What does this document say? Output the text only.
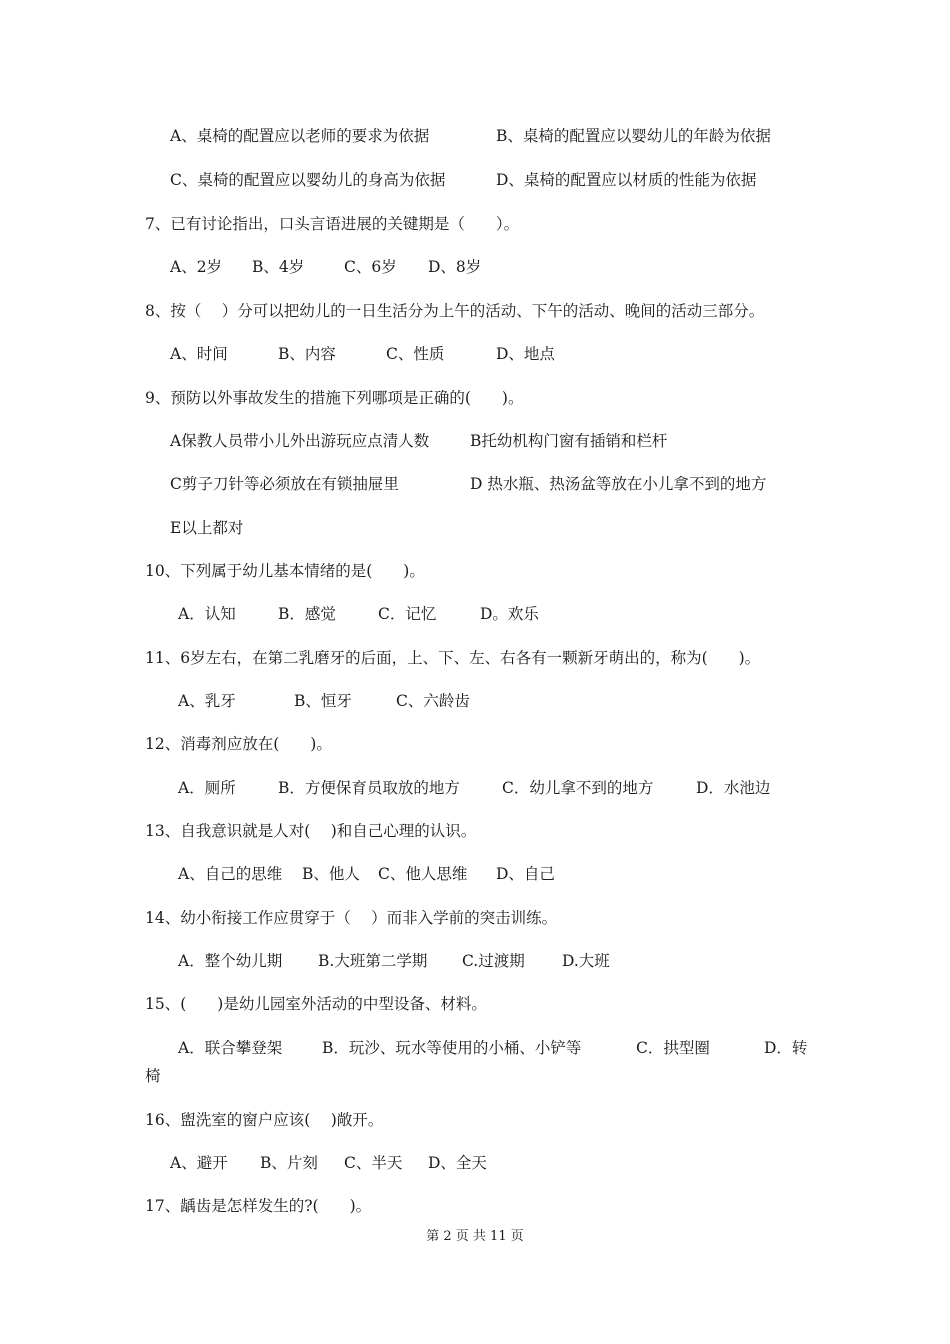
A、桌椅的配置应以老师的要求为依据	B、桌椅的配置应以婴幼儿的年龄为依据
C、桌椅的配置应以婴幼儿的身高为依据	D、桌椅的配置应以材质的性能为依据
7、已有讨论指出，口头言语进展的关键期是（　　）。
A、2岁 B、4岁	C、6岁 D、8岁
8、按（　 ）分可以把幼儿的一日生活分为上午的活动、下午的活动、晚间的活动三部分。
A、时间	B、内容	C、性质	D、地点
9、预防以外事故发生的措施下列哪项是正确的(　　)。
A保教人员带小儿外出游玩应点清人数	B托幼机构门窗有插销和栏杆
C剪子刀针等必须放在有锁抽屉里	D 热水瓶、热汤盆等放在小儿拿不到的地方
E以上都对
10、下列属于幼儿基本情绪的是(　　)。
A．认知	B．感觉	C．记忆	D。欢乐
11、6岁左右，在第二乳磨牙的后面，上、下、左、右各有一颗新牙萌出的，称为(　　)。
A、乳牙	B、恒牙	C、六龄齿
12、消毒剂应放在(　　)。
A．厕所	B．方便保育员取放的地方	C．幼儿拿不到的地方	D．水池边
13、自我意识就是人对(　 )和自己心理的认识。
A、自己的思维 B、他人 C、他人思维 D、自己
14、幼小衔接工作应贯穿于（　 ）而非入学前的突击训练。
A．整个幼儿期 B.大班第二学期 C.过渡期 D.大班
15、(　　)是幼儿园室外活动的中型设备、材料。
A．联合攀登架	B．玩沙、玩水等使用的小桶、小铲等	C．拱型圈	D．转
椅
16、盥洗室的窗户应该(　 )敞开。
A、避开 B、片刻 C、半天 D、全天
17、龋齿是怎样发生的?(　　)。
第 2 页 共 11 页
